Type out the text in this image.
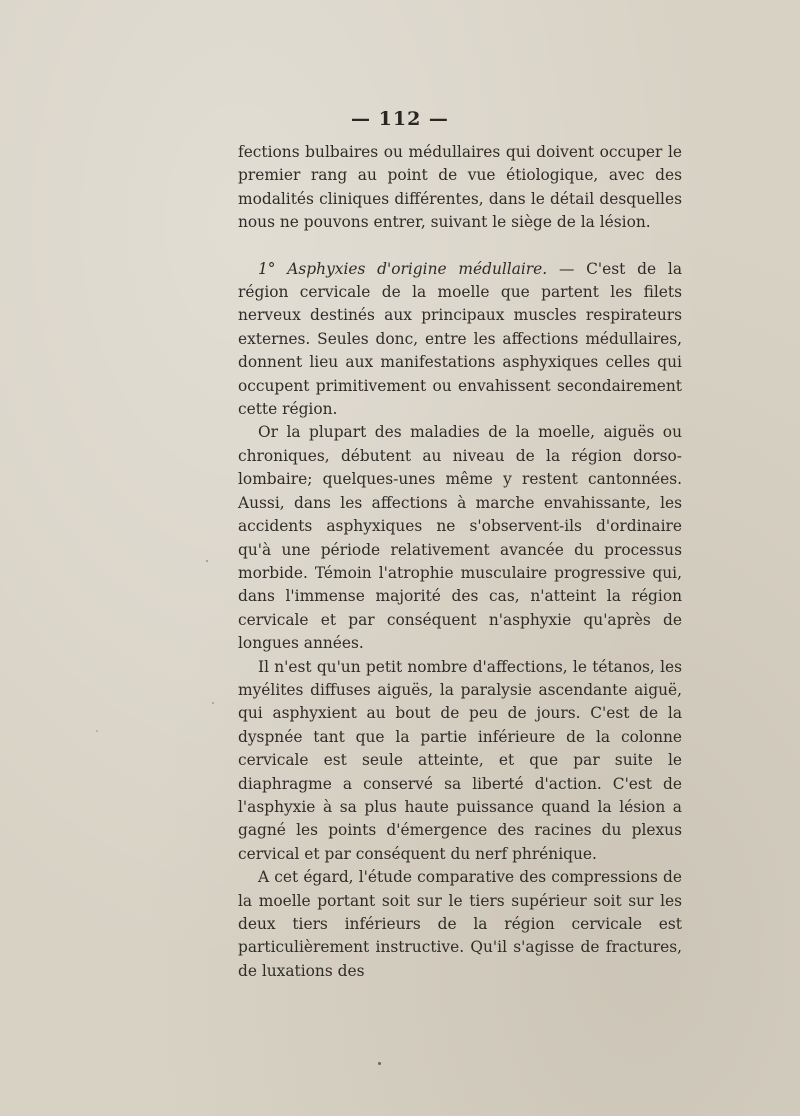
— 112 —

fections bulbaires ou médullaires qui doivent occuper le premier rang au point de vue étiologique, avec des modalités cliniques différentes, dans le détail desquelles nous ne pouvons entrer, suivant le siège de la lésion.

1° Asphyxies d'origine médullaire. — C'est de la région cervicale de la moelle que partent les filets nerveux destinés aux principaux muscles respirateurs externes. Seules donc, entre les affections médullaires, donnent lieu aux manifestations asphyxiques celles qui occupent primitivement ou envahissent secondairement cette région.

Or la plupart des maladies de la moelle, aiguës ou chroniques, débutent au niveau de la région dorso-lombaire; quelques-unes même y restent cantonnées. Aussi, dans les affections à marche envahissante, les accidents asphyxiques ne s'observent-ils d'ordinaire qu'à une période relativement avancée du processus morbide. Témoin l'atrophie musculaire progressive qui, dans l'immense majorité des cas, n'atteint la région cervicale et par conséquent n'asphyxie qu'après de longues années.

Il n'est qu'un petit nombre d'affections, le tétanos, les myélites diffuses aiguës, la paralysie ascendante aiguë, qui asphyxient au bout de peu de jours. C'est de la dyspnée tant que la partie inférieure de la colonne cervicale est seule atteinte, et que par suite le diaphragme a conservé sa liberté d'action. C'est de l'asphyxie à sa plus haute puissance quand la lésion a gagné les points d'émergence des racines du plexus cervical et par conséquent du nerf phrénique.

A cet égard, l'étude comparative des compressions de la moelle portant soit sur le tiers supérieur soit sur les deux tiers inférieurs de la région cervicale est particulièrement instructive. Qu'il s'agisse de fractures, de luxations des
